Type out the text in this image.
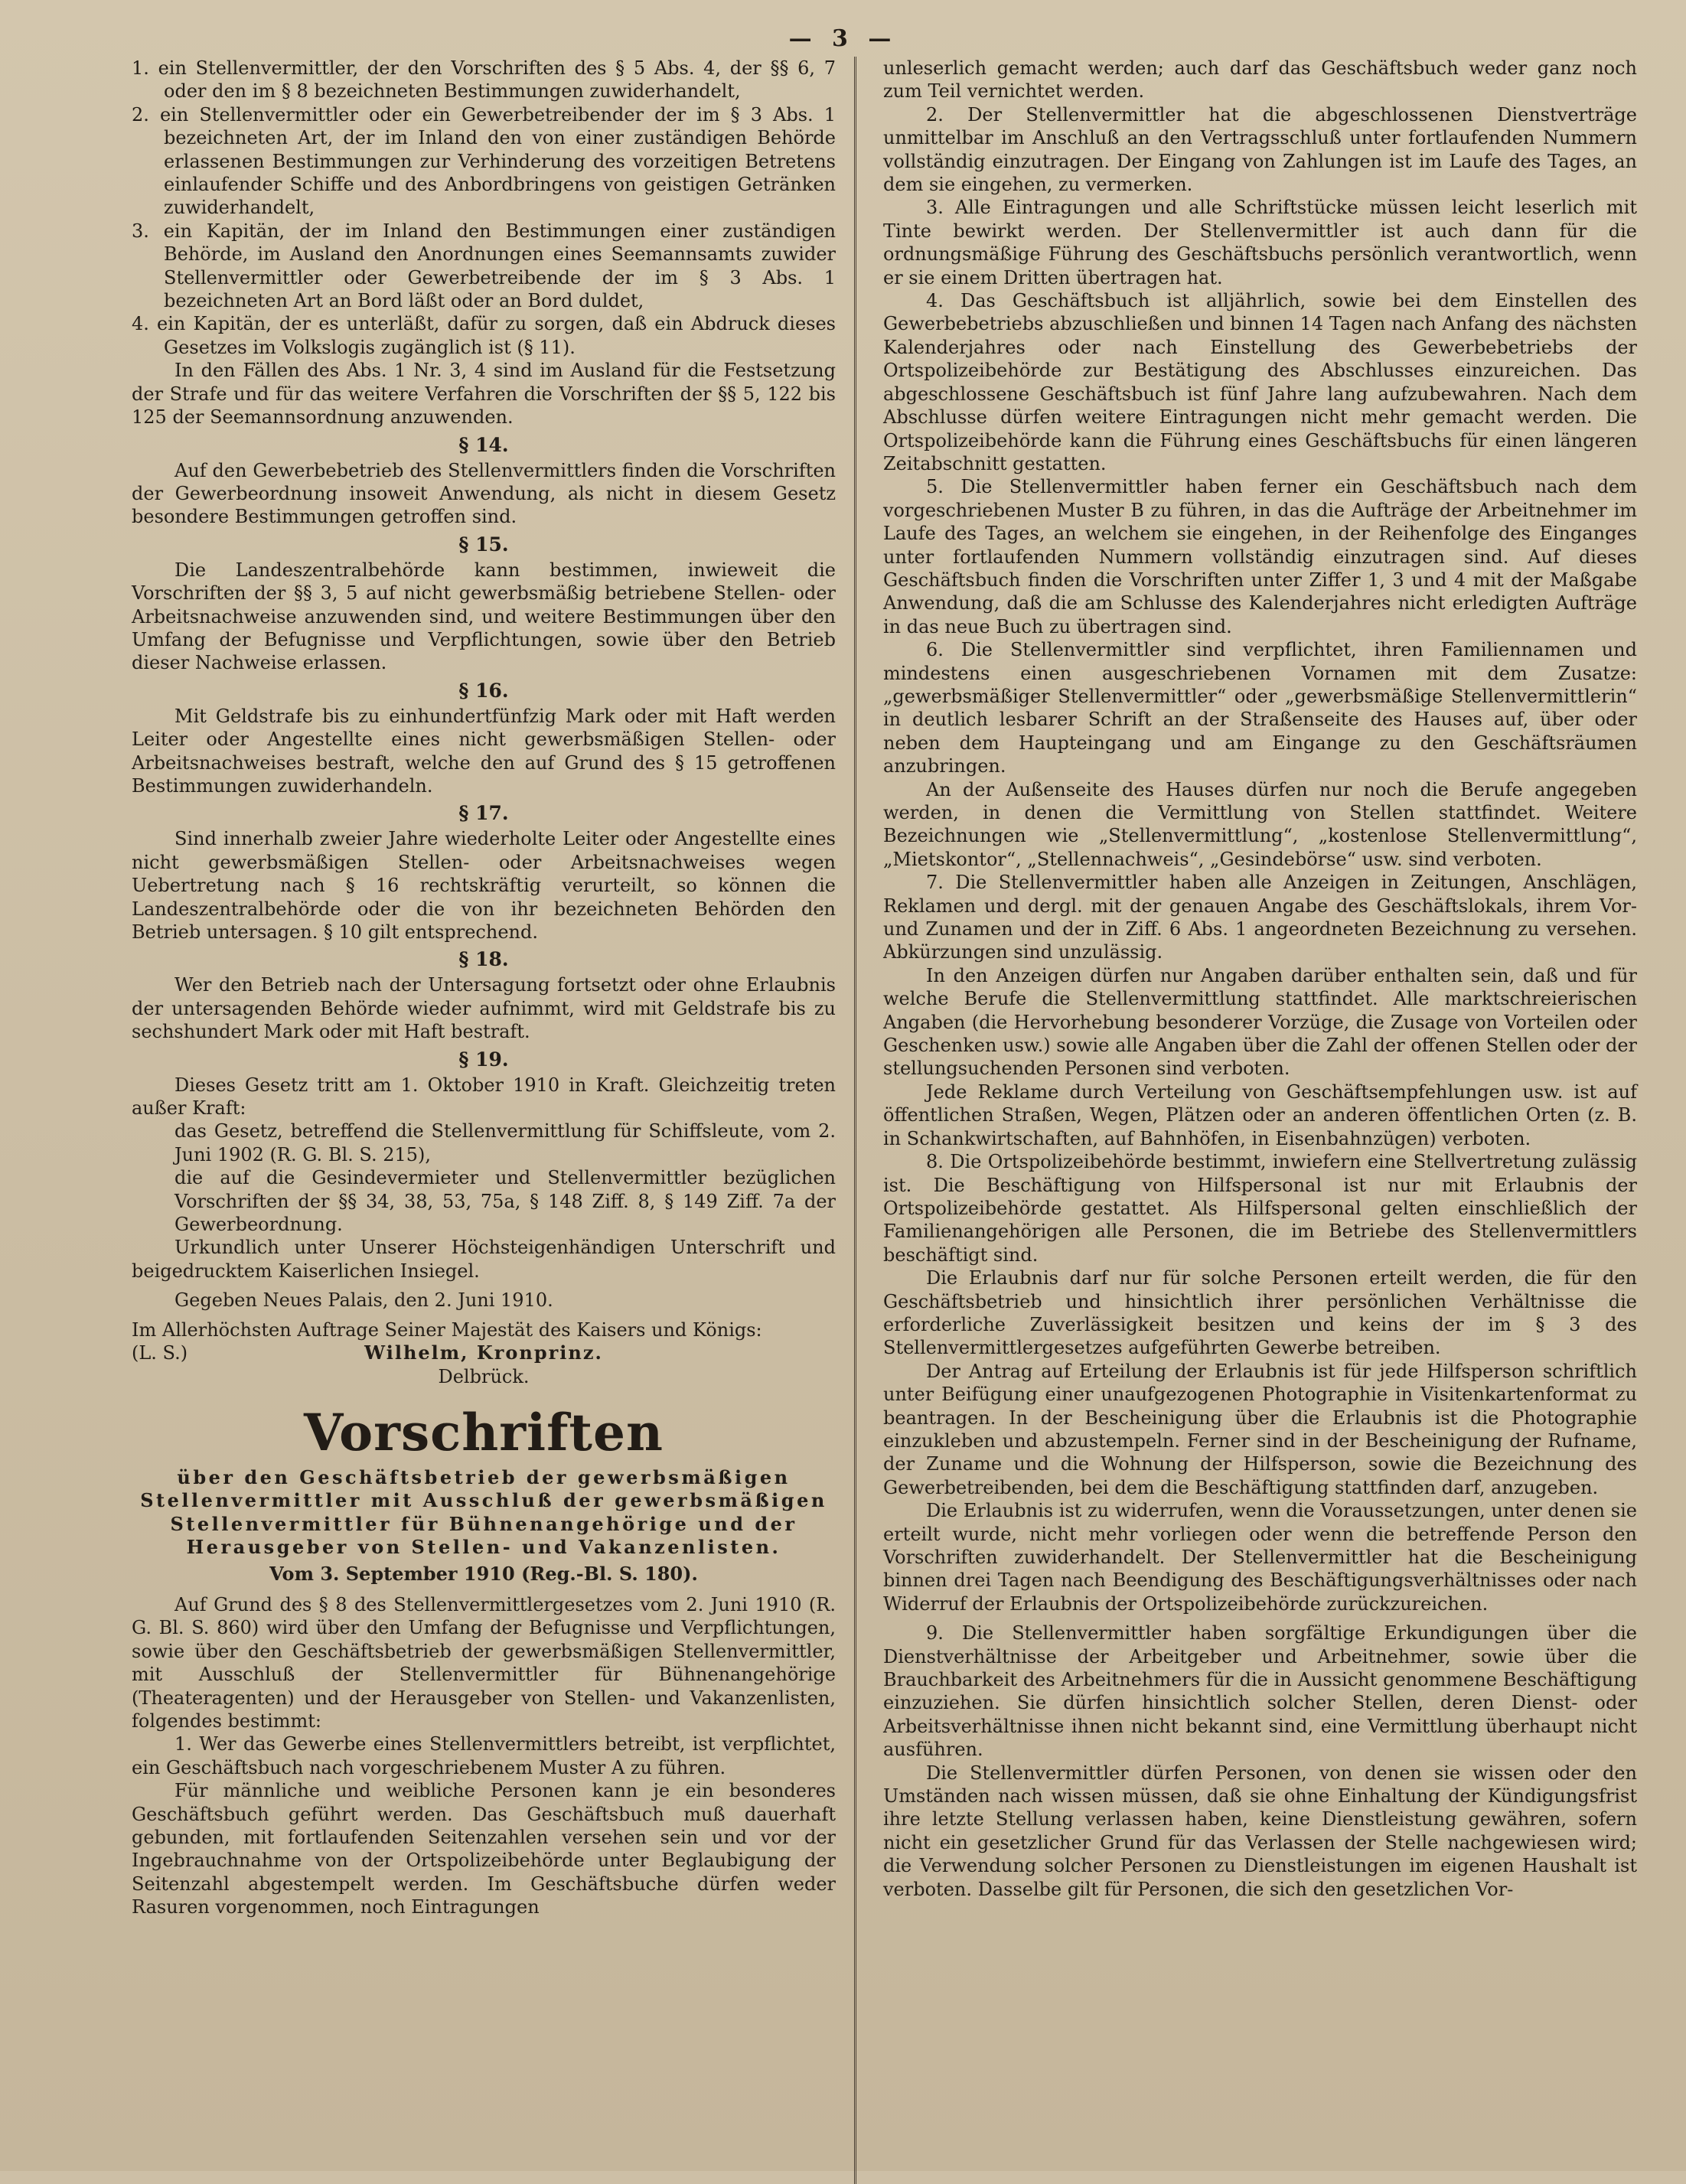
— 3 —

1. ein Stellenvermittler, der den Vorschriften des § 5 Abs. 4, der §§ 6, 7 oder den im § 8 bezeichneten Bestimmungen zuwiderhandelt,

2. ein Stellenvermittler oder ein Gewerbetreibender der im § 3 Abs. 1 bezeichneten Art, der im Inland den von einer zuständigen Behörde erlassenen Bestimmungen zur Verhinderung des vorzeitigen Betretens einlaufender Schiffe und des Anbordbringens von geistigen Getränken zuwiderhandelt,

3. ein Kapitän, der im Inland den Bestimmungen einer zuständigen Behörde, im Ausland den Anordnungen eines Seemannsamts zuwider Stellenvermittler oder Gewerbetreibende der im § 3 Abs. 1 bezeichneten Art an Bord läßt oder an Bord duldet,

4. ein Kapitän, der es unterläßt, dafür zu sorgen, daß ein Abdruck dieses Gesetzes im Volkslogis zugänglich ist (§ 11).

In den Fällen des Abs. 1 Nr. 3, 4 sind im Ausland für die Festsetzung der Strafe und für das weitere Verfahren die Vorschriften der §§ 5, 122 bis 125 der Seemannsordnung anzuwenden.

§ 14.

Auf den Gewerbebetrieb des Stellenvermittlers finden die Vorschriften der Gewerbeordnung insoweit Anwendung, als nicht in diesem Gesetz besondere Bestimmungen getroffen sind.

§ 15.

Die Landeszentralbehörde kann bestimmen, inwieweit die Vorschriften der §§ 3, 5 auf nicht gewerbsmäßig betriebene Stellen- oder Arbeitsnachweise anzuwenden sind, und weitere Bestimmungen über den Umfang der Befugnisse und Verpflichtungen, sowie über den Betrieb dieser Nachweise erlassen.

§ 16.

Mit Geldstrafe bis zu einhundertfünfzig Mark oder mit Haft werden Leiter oder Angestellte eines nicht gewerbsmäßigen Stellen- oder Arbeitsnachweises bestraft, welche den auf Grund des § 15 getroffenen Bestimmungen zuwiderhandeln.

§ 17.

Sind innerhalb zweier Jahre wiederholte Leiter oder Angestellte eines nicht gewerbsmäßigen Stellen- oder Arbeitsnachweises wegen Uebertretung nach § 16 rechtskräftig verurteilt, so können die Landeszentralbehörde oder die von ihr bezeichneten Behörden den Betrieb untersagen. § 10 gilt entsprechend.

§ 18.

Wer den Betrieb nach der Untersagung fortsetzt oder ohne Erlaubnis der untersagenden Behörde wieder aufnimmt, wird mit Geldstrafe bis zu sechshundert Mark oder mit Haft bestraft.

§ 19.

Dieses Gesetz tritt am 1. Oktober 1910 in Kraft. Gleichzeitig treten außer Kraft:

das Gesetz, betreffend die Stellenvermittlung für Schiffsleute, vom 2. Juni 1902 (R. G. Bl. S. 215),

die auf die Gesindevermieter und Stellenvermittler bezüglichen Vorschriften der §§ 34, 38, 53, 75a, § 148 Ziff. 8, § 149 Ziff. 7a der Gewerbeordnung.

Urkundlich unter Unserer Höchsteigenhändigen Unterschrift und beigedrucktem Kaiserlichen Insiegel.

Gegeben Neues Palais, den 2. Juni 1910.

Im Allerhöchsten Auftrage Seiner Majestät des Kaisers und Königs:

(L. S.)	Wilhelm, Kronprinz.

Delbrück.

Vorschriften

über den Geschäftsbetrieb der gewerbsmäßigen Stellenvermittler mit Ausschluß der gewerbsmäßigen Stellenvermittler für Bühnenangehörige und der Herausgeber von Stellen- und Vakanzenlisten.

Vom 3. September 1910 (Reg.-Bl. S. 180).

Auf Grund des § 8 des Stellenvermittlergesetzes vom 2. Juni 1910 (R. G. Bl. S. 860) wird über den Umfang der Befugnisse und Verpflichtungen, sowie über den Geschäftsbetrieb der gewerbsmäßigen Stellenvermittler, mit Ausschluß der Stellenvermittler für Bühnenangehörige (Theateragenten) und der Herausgeber von Stellen- und Vakanzenlisten, folgendes bestimmt:

1. Wer das Gewerbe eines Stellenvermittlers betreibt, ist verpflichtet, ein Geschäftsbuch nach vorgeschriebenem Muster A zu führen.

Für männliche und weibliche Personen kann je ein besonderes Geschäftsbuch geführt werden. Das Geschäftsbuch muß dauerhaft gebunden, mit fortlaufenden Seitenzahlen versehen sein und vor der Ingebrauchnahme von der Ortspolizeibehörde unter Beglaubigung der Seitenzahl abgestempelt werden. Im Geschäftsbuche dürfen weder Rasuren vorgenommen, noch Eintragungen

unleserlich gemacht werden; auch darf das Geschäftsbuch weder ganz noch zum Teil vernichtet werden.

2. Der Stellenvermittler hat die abgeschlossenen Dienstverträge unmittelbar im Anschluß an den Vertragsschluß unter fortlaufenden Nummern vollständig einzutragen. Der Eingang von Zahlungen ist im Laufe des Tages, an dem sie eingehen, zu vermerken.

3. Alle Eintragungen und alle Schriftstücke müssen leicht leserlich mit Tinte bewirkt werden. Der Stellenvermittler ist auch dann für die ordnungsmäßige Führung des Geschäftsbuchs persönlich verantwortlich, wenn er sie einem Dritten übertragen hat.

4. Das Geschäftsbuch ist alljährlich, sowie bei dem Einstellen des Gewerbebetriebs abzuschließen und binnen 14 Tagen nach Anfang des nächsten Kalenderjahres oder nach Einstellung des Gewerbebetriebs der Ortspolizeibehörde zur Bestätigung des Abschlusses einzureichen. Das abgeschlossene Geschäftsbuch ist fünf Jahre lang aufzubewahren. Nach dem Abschlusse dürfen weitere Eintragungen nicht mehr gemacht werden. Die Ortspolizeibehörde kann die Führung eines Geschäftsbuchs für einen längeren Zeitabschnitt gestatten.

5. Die Stellenvermittler haben ferner ein Geschäftsbuch nach dem vorgeschriebenen Muster B zu führen, in das die Aufträge der Arbeitnehmer im Laufe des Tages, an welchem sie eingehen, in der Reihenfolge des Einganges unter fortlaufenden Nummern vollständig einzutragen sind. Auf dieses Geschäftsbuch finden die Vorschriften unter Ziffer 1, 3 und 4 mit der Maßgabe Anwendung, daß die am Schlusse des Kalenderjahres nicht erledigten Aufträge in das neue Buch zu übertragen sind.

6. Die Stellenvermittler sind verpflichtet, ihren Familiennamen und mindestens einen ausgeschriebenen Vornamen mit dem Zusatze: „gewerbsmäßiger Stellenvermittler“ oder „gewerbsmäßige Stellenvermittlerin“ in deutlich lesbarer Schrift an der Straßenseite des Hauses auf, über oder neben dem Haupteingang und am Eingange zu den Geschäftsräumen anzubringen.

An der Außenseite des Hauses dürfen nur noch die Berufe angegeben werden, in denen die Vermittlung von Stellen stattfindet. Weitere Bezeichnungen wie „Stellenvermittlung“, „kostenlose Stellenvermittlung“, „Mietskontor“, „Stellennachweis“, „Gesindebörse“ usw. sind verboten.

7. Die Stellenvermittler haben alle Anzeigen in Zeitungen, Anschlägen, Reklamen und dergl. mit der genauen Angabe des Geschäftslokals, ihrem Vor- und Zunamen und der in Ziff. 6 Abs. 1 angeordneten Bezeichnung zu versehen. Abkürzungen sind unzulässig.

In den Anzeigen dürfen nur Angaben darüber enthalten sein, daß und für welche Berufe die Stellenvermittlung stattfindet. Alle marktschreierischen Angaben (die Hervorhebung besonderer Vorzüge, die Zusage von Vorteilen oder Geschenken usw.) sowie alle Angaben über die Zahl der offenen Stellen oder der stellungsuchenden Personen sind verboten.

Jede Reklame durch Verteilung von Geschäftsempfehlungen usw. ist auf öffentlichen Straßen, Wegen, Plätzen oder an anderen öffentlichen Orten (z. B. in Schankwirtschaften, auf Bahnhöfen, in Eisenbahnzügen) verboten.

8. Die Ortspolizeibehörde bestimmt, inwiefern eine Stellvertretung zulässig ist. Die Beschäftigung von Hilfspersonal ist nur mit Erlaubnis der Ortspolizeibehörde gestattet. Als Hilfspersonal gelten einschließlich der Familienangehörigen alle Personen, die im Betriebe des Stellenvermittlers beschäftigt sind.

Die Erlaubnis darf nur für solche Personen erteilt werden, die für den Geschäftsbetrieb und hinsichtlich ihrer persönlichen Verhältnisse die erforderliche Zuverlässigkeit besitzen und keins der im § 3 des Stellenvermittlergesetzes aufgeführten Gewerbe betreiben.

Der Antrag auf Erteilung der Erlaubnis ist für jede Hilfsperson schriftlich unter Beifügung einer unaufgezogenen Photographie in Visitenkartenformat zu beantragen. In der Bescheinigung über die Erlaubnis ist die Photographie einzukleben und abzustempeln. Ferner sind in der Bescheinigung der Rufname, der Zuname und die Wohnung der Hilfsperson, sowie die Bezeichnung des Gewerbetreibenden, bei dem die Beschäftigung stattfinden darf, anzugeben.

Die Erlaubnis ist zu widerrufen, wenn die Voraussetzungen, unter denen sie erteilt wurde, nicht mehr vorliegen oder wenn die betreffende Person den Vorschriften zuwiderhandelt. Der Stellenvermittler hat die Bescheinigung binnen drei Tagen nach Beendigung des Beschäftigungsverhältnisses oder nach Widerruf der Erlaubnis der Ortspolizeibehörde zurückzureichen.

9. Die Stellenvermittler haben sorgfältige Erkundigungen über die Dienstverhältnisse der Arbeitgeber und Arbeitnehmer, sowie über die Brauchbarkeit des Arbeitnehmers für die in Aussicht genommene Beschäftigung einzuziehen. Sie dürfen hinsichtlich solcher Stellen, deren Dienst- oder Arbeitsverhältnisse ihnen nicht bekannt sind, eine Vermittlung überhaupt nicht ausführen.

Die Stellenvermittler dürfen Personen, von denen sie wissen oder den Umständen nach wissen müssen, daß sie ohne Einhaltung der Kündigungsfrist ihre letzte Stellung verlassen haben, keine Dienstleistung gewähren, sofern nicht ein gesetzlicher Grund für das Verlassen der Stelle nachgewiesen wird; die Verwendung solcher Personen zu Dienstleistungen im eigenen Haushalt ist verboten. Dasselbe gilt für Personen, die sich den gesetzlichen Vor-
